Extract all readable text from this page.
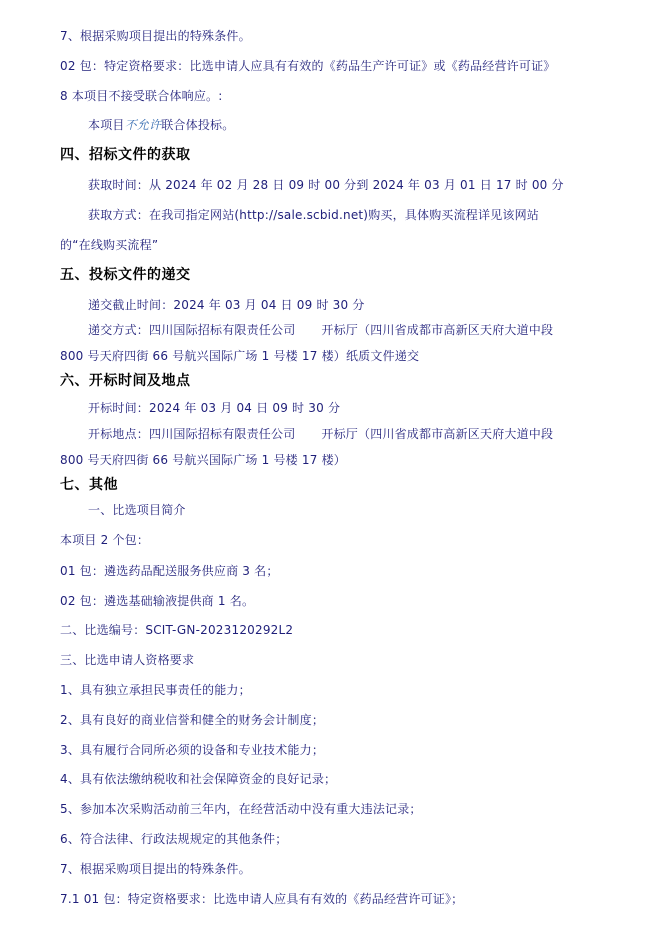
7、根据采购项目提出的特殊条件。
02 包：特定资格要求：比选申请人应具有有效的《药品生产许可证》或《药品经营许可证》
8 本项目不接受联合体响应。:
本项目不允许联合体投标。
四、招标文件的获取
获取时间：从 2024 年 02 月 28 日 09 时 00 分到 2024 年 03 月 01 日 17 时 00 分
获取方式：在我司指定网站(http://sale.scbid.net)购买，具体购买流程详见该网站
的“在线购买流程”
五、投标文件的递交
递交截止时间：2024 年 03 月 04 日 09 时 30 分
递交方式：四川国际招标有限责任公司 开标厅（四川省成都市高新区天府大道中段
800 号天府四街 66 号航兴国际广场 1 号楼 17 楼）纸质文件递交
六、开标时间及地点
开标时间：2024 年 03 月 04 日 09 时 30 分
开标地点：四川国际招标有限责任公司 开标厅（四川省成都市高新区天府大道中段
800 号天府四街 66 号航兴国际广场 1 号楼 17 楼）
七、其他
一、比选项目简介
本项目 2 个包：
01 包：遴选药品配送服务供应商 3 名；
02 包：遴选基础输液提供商 1 名。
二、比选编号：SCIT-GN-2023120292L2
三、比选申请人资格要求
1、具有独立承担民事责任的能力；
2、具有良好的商业信誉和健全的财务会计制度；
3、具有履行合同所必须的设备和专业技术能力；
4、具有依法缴纳税收和社会保障资金的良好记录；
5、参加本次采购活动前三年内，在经营活动中没有重大违法记录；
6、符合法律、行政法规规定的其他条件；
7、根据采购项目提出的特殊条件。
7.1 01 包：特定资格要求：比选申请人应具有有效的《药品经营许可证》；
